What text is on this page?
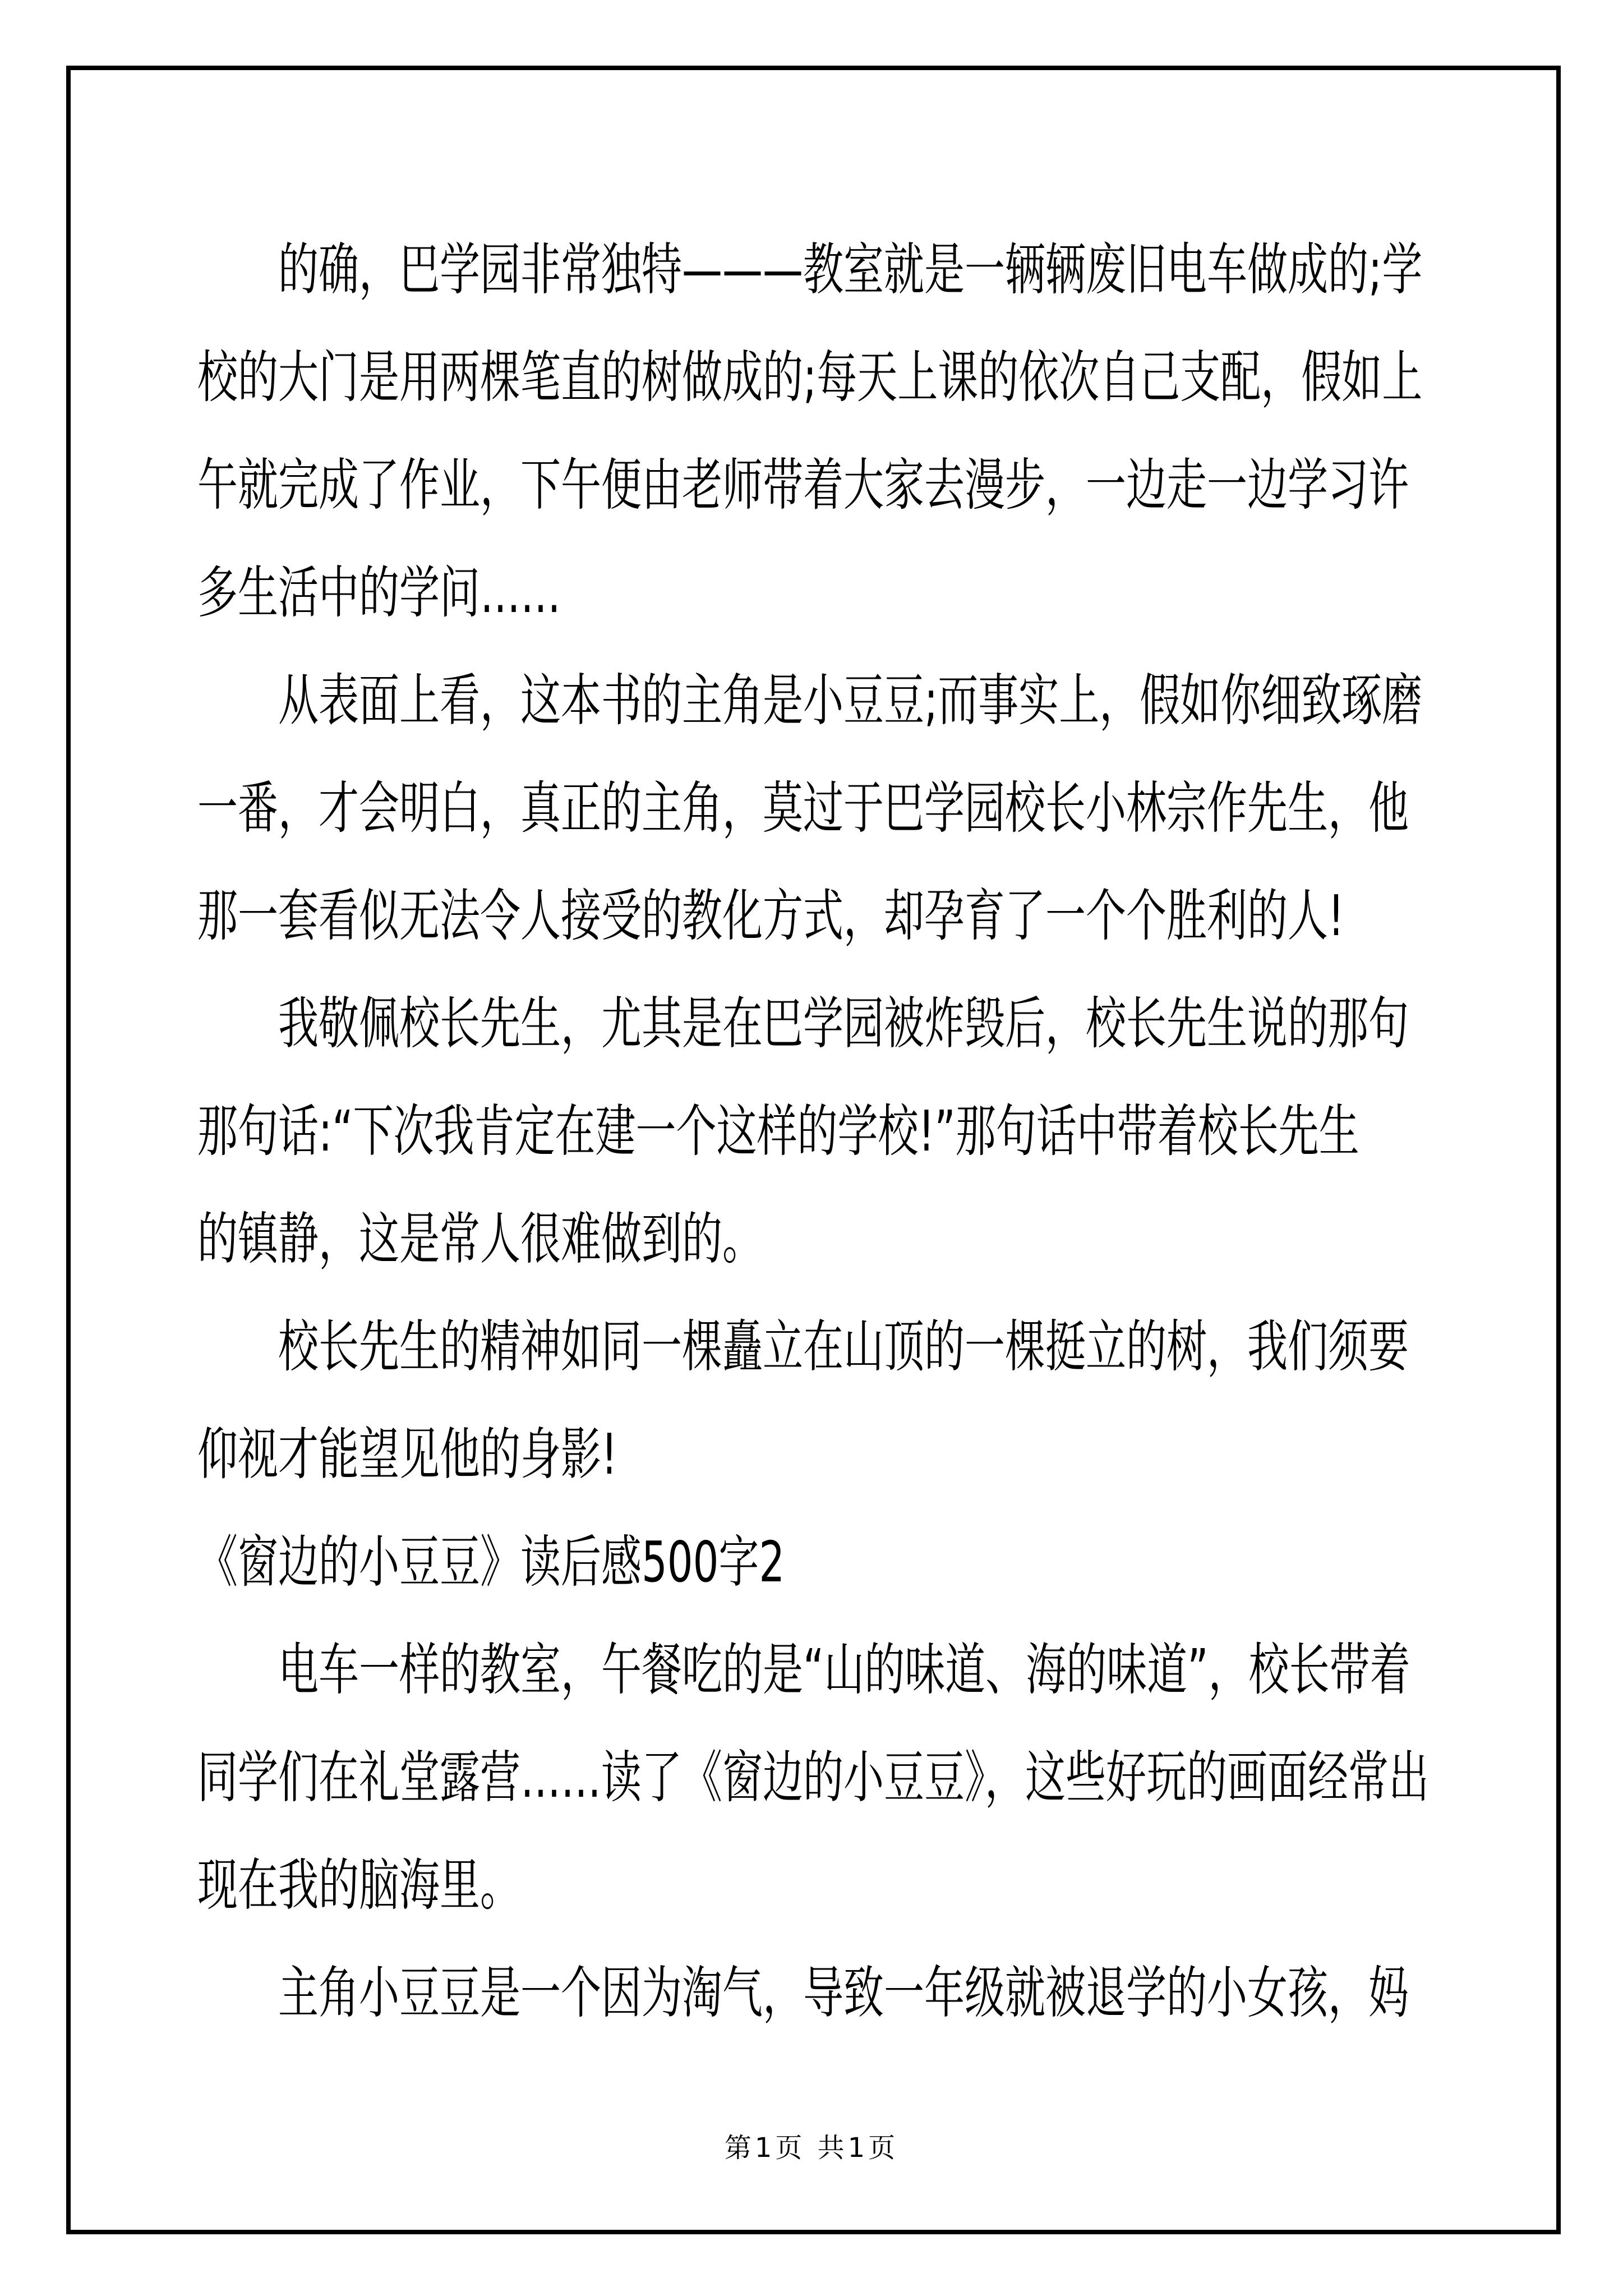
的确，巴学园非常独特———教室就是一辆辆废旧电车做成的;学
校的大门是用两棵笔直的树做成的;每天上课的依次自己支配，假如上
午就完成了作业，下午便由老师带着大家去漫步，一边走一边学习许
多生活中的学问……
从表面上看，这本书的主角是小豆豆;而事实上，假如你细致琢磨
一番，才会明白，真正的主角，莫过于巴学园校长小林宗作先生，他
那一套看似无法令人接受的教化方式，却孕育了一个个胜利的人!
我敬佩校长先生，尤其是在巴学园被炸毁后，校长先生说的那句
那句话:“下次我肯定在建一个这样的学校!”那句话中带着校长先生
的镇静，这是常人很难做到的。
校长先生的精神如同一棵矗立在山顶的一棵挺立的树，我们须要
仰视才能望见他的身影!
《窗边的小豆豆》读后感500字2
电车一样的教室，午餐吃的是“山的味道、海的味道”，校长带着
同学们在礼堂露营……读了《窗边的小豆豆》，这些好玩的画面经常出
现在我的脑海里。
主角小豆豆是一个因为淘气，导致一年级就被退学的小女孩，妈
第1页 共1页
